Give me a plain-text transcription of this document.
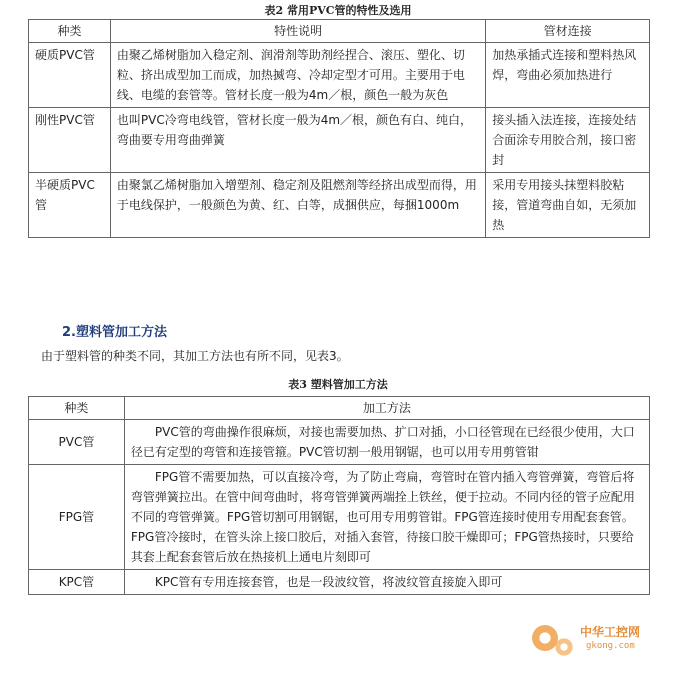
表2 常用PVC管的特性及选用
种类	特性说明	管材连接
硬质PVC管	由聚乙烯树脂加入稳定剂、润滑剂等助剂经捏合、滚压、塑化、切粒、挤出成型加工而成，加热揻弯、冷却定型才可用。主要用于电线、电缆的套管等。管材长度一般为4m／根，颜色一般为灰色	加热承插式连接和塑料热风焊，弯曲必须加热进行
刚性PVC管	也叫PVC冷弯电线管，管材长度一般为4m／根，颜色有白、纯白，弯曲要专用弯曲弹簧	接头插入法连接，连接处结合面涂专用胶合剂，接口密封
半硬质PVC管	由聚氯乙烯树脂加入增塑剂、稳定剂及阻燃剂等经挤出成型而得，用于电线保护，一般颜色为黄、红、白等，成捆供应，每捆1000m	采用专用接头抹塑料胶粘接，管道弯曲自如，无须加热
2.塑料管加工方法
由于塑料管的种类不同，其加工方法也有所不同，见表3。
表3 塑料管加工方法
种类	加工方法
PVC管	PVC管的弯曲操作很麻烦，对接也需要加热、扩口对插，小口径管现在已经很少使用，大口径已有定型的弯管和连接管箍。PVC管切割一般用钢锯，也可以用专用剪管钳
FPG管	FPG管不需要加热，可以直接冷弯，为了防止弯扁，弯管时在管内插入弯管弹簧，弯管后将弯管弹簧拉出。在管中间弯曲时，将弯管弹簧两端拴上铁丝，便于拉动。不同内径的管子应配用不同的弯管弹簧。FPG管切割可用钢锯，也可用专用剪管钳。FPG管连接时使用专用配套套管。FPG管冷接时，在管头涂上接口胶后，对插入套管，待接口胶干燥即可；FPG管热接时，只要给其套上配套套管后放在热接机上通电片刻即可
KPC管	KPC管有专用连接套管，也是一段波纹管，将波纹管直接旋入即可
中华工控网
gkong.com
